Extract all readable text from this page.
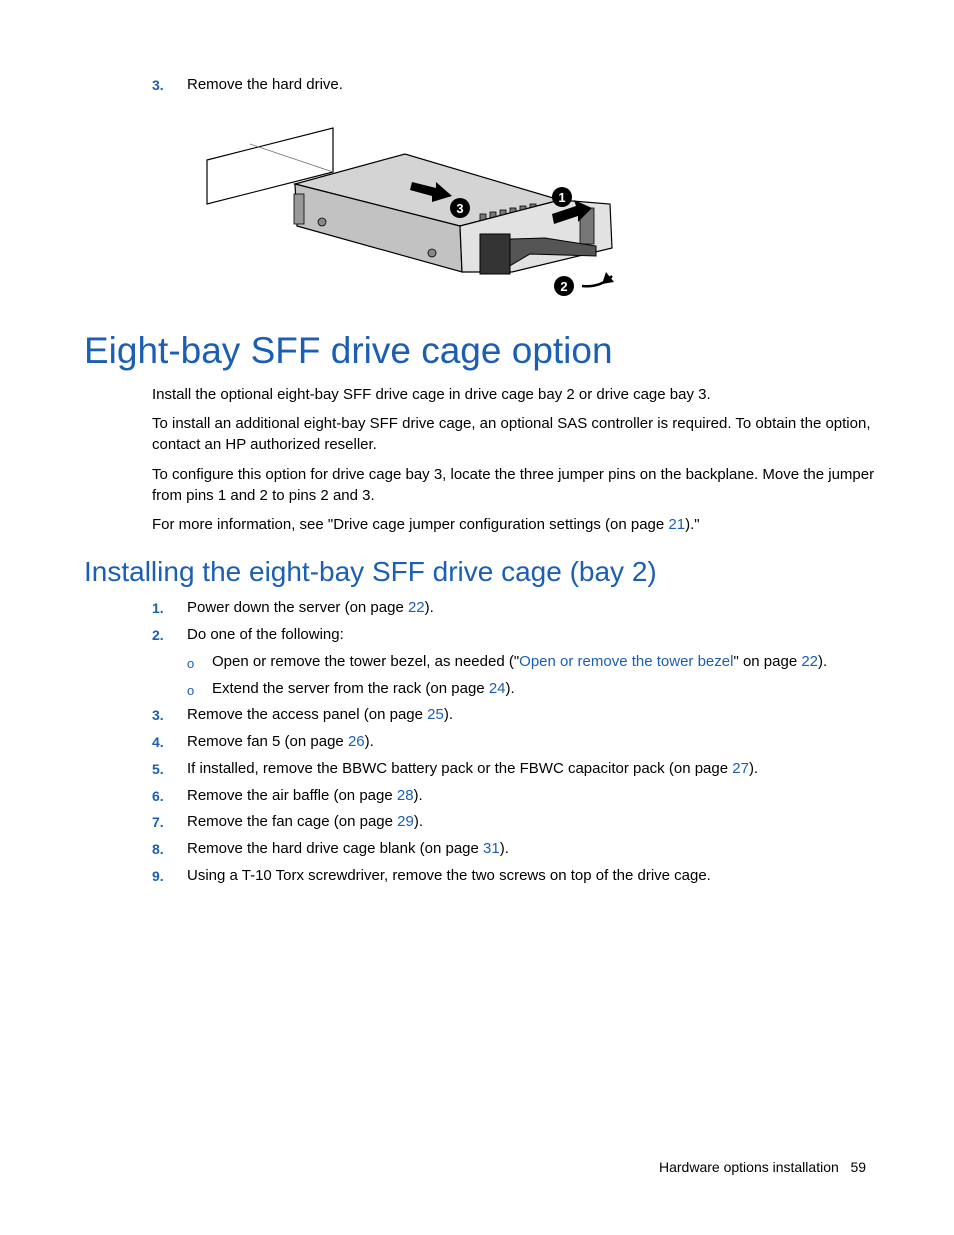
3. Remove the hard drive.
3
1
2
Eight-bay SFF drive cage option
Install the optional eight-bay SFF drive cage in drive cage bay 2 or drive cage bay 3.
To install an additional eight-bay SFF drive cage, an optional SAS controller is required. To obtain the option, contact an HP authorized reseller.
To configure this option for drive cage bay 3, locate the three jumper pins on the backplane. Move the jumper from pins 1 and 2 to pins 2 and 3.
For more information, see "Drive cage jumper configuration settings (on page 21)."
Installing the eight-bay SFF drive cage (bay 2)
1. Power down the server (on page 22).
2. Do one of the following:
o Open or remove the tower bezel, as needed ("Open or remove the tower bezel" on page 22).
o Extend the server from the rack (on page 24).
3. Remove the access panel (on page 25).
4. Remove fan 5 (on page 26).
5. If installed, remove the BBWC battery pack or the FBWC capacitor pack (on page 27).
6. Remove the air baffle (on page 28).
7. Remove the fan cage (on page 29).
8. Remove the hard drive cage blank (on page 31).
9. Using a T-10 Torx screwdriver, remove the two screws on top of the drive cage.
Hardware options installation 59
